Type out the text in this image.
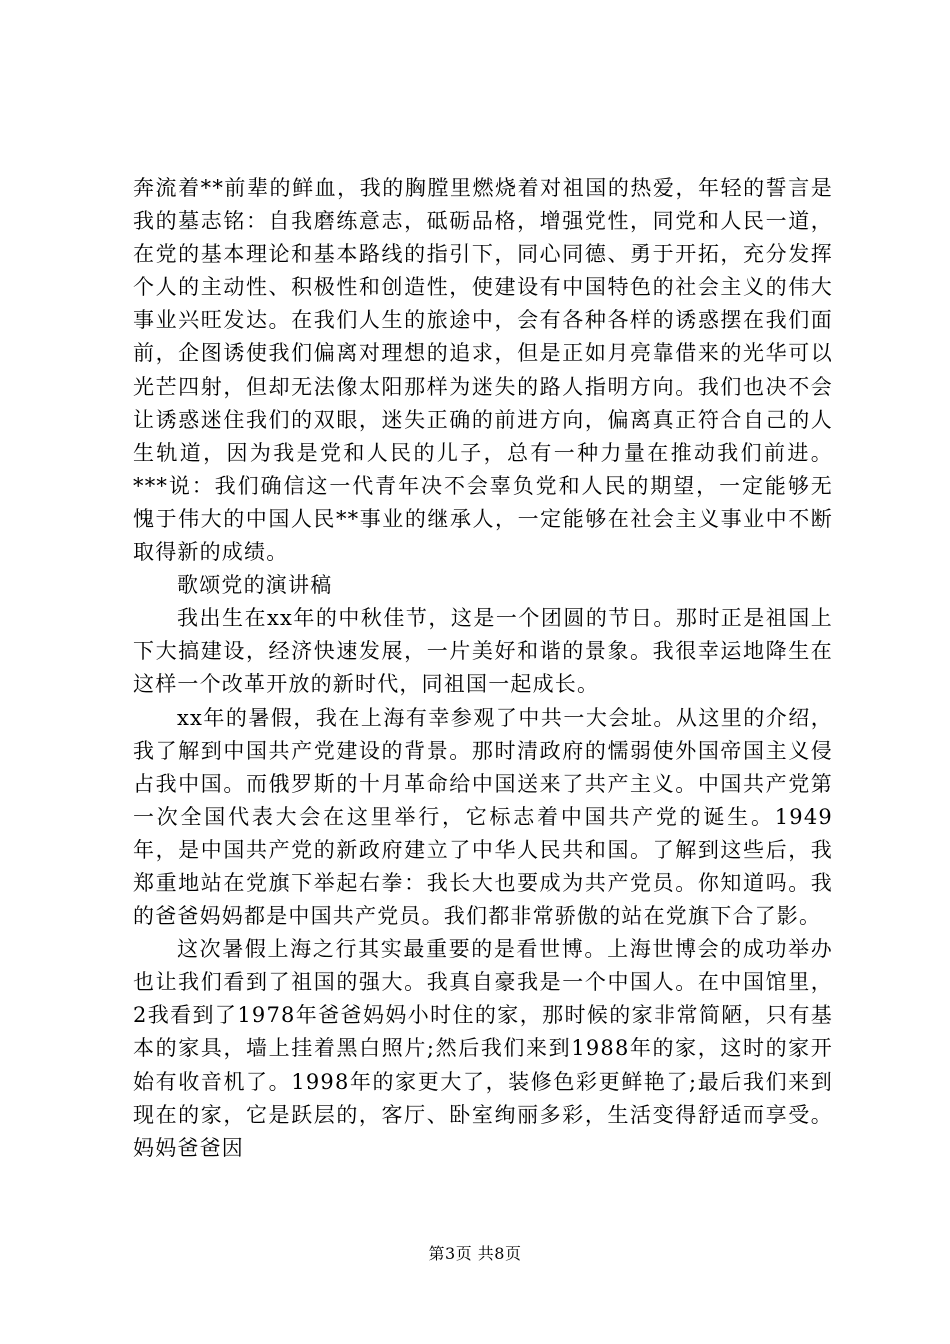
奔流着**前辈的鲜血，我的胸膛里燃烧着对祖国的热爱，年轻的誓言是我的墓志铭：自我磨练意志，砥砺品格，增强党性，同党和人民一道，在党的基本理论和基本路线的指引下，同心同德、勇于开拓，充分发挥个人的主动性、积极性和创造性，使建设有中国特色的社会主义的伟大事业兴旺发达。在我们人生的旅途中，会有各种各样的诱惑摆在我们面前，企图诱使我们偏离对理想的追求，但是正如月亮靠借来的光华可以光芒四射，但却无法像太阳那样为迷失的路人指明方向。我们也决不会让诱惑迷住我们的双眼，迷失正确的前进方向，偏离真正符合自己的人生轨道，因为我是党和人民的儿子，总有一种力量在推动我们前进。***说：我们确信这一代青年决不会辜负党和人民的期望，一定能够无愧于伟大的中国人民**事业的继承人，一定能够在社会主义事业中不断取得新的成绩。

歌颂党的演讲稿

我出生在xx年的中秋佳节，这是一个团圆的节日。那时正是祖国上下大搞建设，经济快速发展，一片美好和谐的景象。我很幸运地降生在这样一个改革开放的新时代，同祖国一起成长。

xx年的暑假，我在上海有幸参观了中共一大会址。从这里的介绍，我了解到中国共产党建设的背景。那时清政府的懦弱使外国帝国主义侵占我中国。而俄罗斯的十月革命给中国送来了共产主义。中国共产党第一次全国代表大会在这里举行，它标志着中国共产党的诞生。1949年，是中国共产党的新政府建立了中华人民共和国。了解到这些后，我郑重地站在党旗下举起右拳：我长大也要成为共产党员。你知道吗。我的爸爸妈妈都是中国共产党员。我们都非常骄傲的站在党旗下合了影。

这次暑假上海之行其实最重要的是看世博。上海世博会的成功举办也让我们看到了祖国的强大。我真自豪我是一个中国人。在中国馆里，2我看到了1978年爸爸妈妈小时住的家，那时候的家非常简陋，只有基本的家具，墙上挂着黑白照片;然后我们来到1988年的家，这时的家开始有收音机了。1998年的家更大了，装修色彩更鲜艳了;最后我们来到现在的家，它是跃层的，客厅、卧室绚丽多彩，生活变得舒适而享受。妈妈爸爸因

第3页 共8页
